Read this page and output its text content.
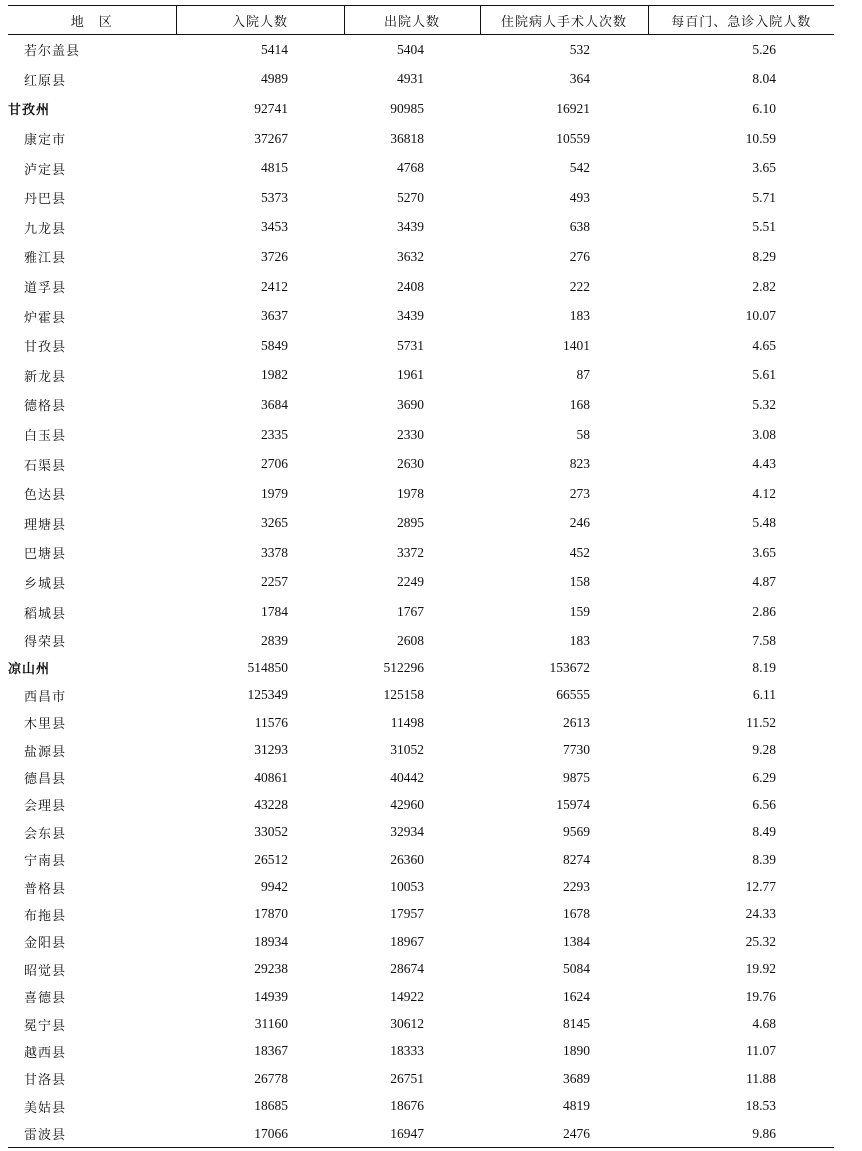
地　区	入院人数	出院人数	住院病人手术人次数	每百门、急诊入院人数
若尔盖县	5414	5404	532	5.26
红原县	4989	4931	364	8.04
甘孜州	92741	90985	16921	6.10
康定市	37267	36818	10559	10.59
泸定县	4815	4768	542	3.65
丹巴县	5373	5270	493	5.71
九龙县	3453	3439	638	5.51
雅江县	3726	3632	276	8.29
道孚县	2412	2408	222	2.82
炉霍县	3637	3439	183	10.07
甘孜县	5849	5731	1401	4.65
新龙县	1982	1961	87	5.61
德格县	3684	3690	168	5.32
白玉县	2335	2330	58	3.08
石渠县	2706	2630	823	4.43
色达县	1979	1978	273	4.12
理塘县	3265	2895	246	5.48
巴塘县	3378	3372	452	3.65
乡城县	2257	2249	158	4.87
稻城县	1784	1767	159	2.86
得荣县	2839	2608	183	7.58
凉山州	514850	512296	153672	8.19
西昌市	125349	125158	66555	6.11
木里县	11576	11498	2613	11.52
盐源县	31293	31052	7730	9.28
德昌县	40861	40442	9875	6.29
会理县	43228	42960	15974	6.56
会东县	33052	32934	9569	8.49
宁南县	26512	26360	8274	8.39
普格县	9942	10053	2293	12.77
布拖县	17870	17957	1678	24.33
金阳县	18934	18967	1384	25.32
昭觉县	29238	28674	5084	19.92
喜德县	14939	14922	1624	19.76
冕宁县	31160	30612	8145	4.68
越西县	18367	18333	1890	11.07
甘洛县	26778	26751	3689	11.88
美姑县	18685	18676	4819	18.53
雷波县	17066	16947	2476	9.86
